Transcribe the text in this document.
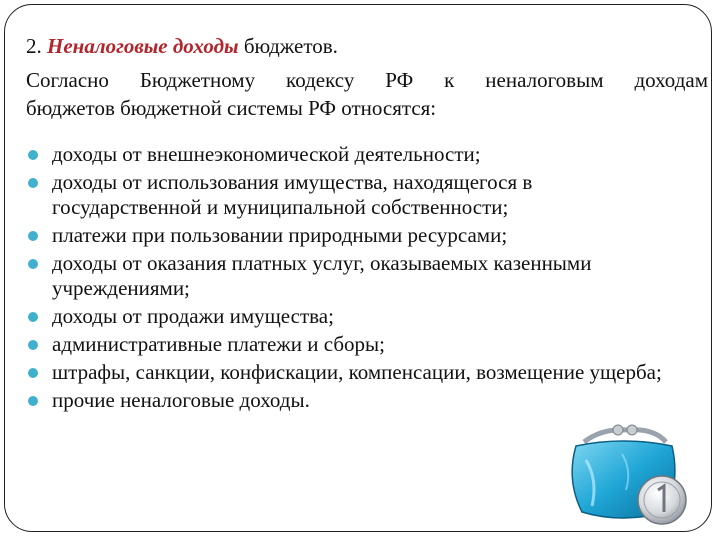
2. Неналоговые доходы бюджетов.

Согласно Бюджетному кодексу РФ к неналоговым доходам
бюджетов бюджетной системы РФ относятся:

доходы от внешнеэкономической деятельности;
доходы от использования имущества, находящегося в государственной и муниципальной собственности;
платежи при пользовании природными ресурсами;
доходы от оказания платных услуг, оказываемых казенными учреждениями;
доходы от продажи имущества;
административные платежи и сборы;
штрафы, санкции, конфискации, компенсации, возмещение ущерба;
прочие неналоговые доходы.
